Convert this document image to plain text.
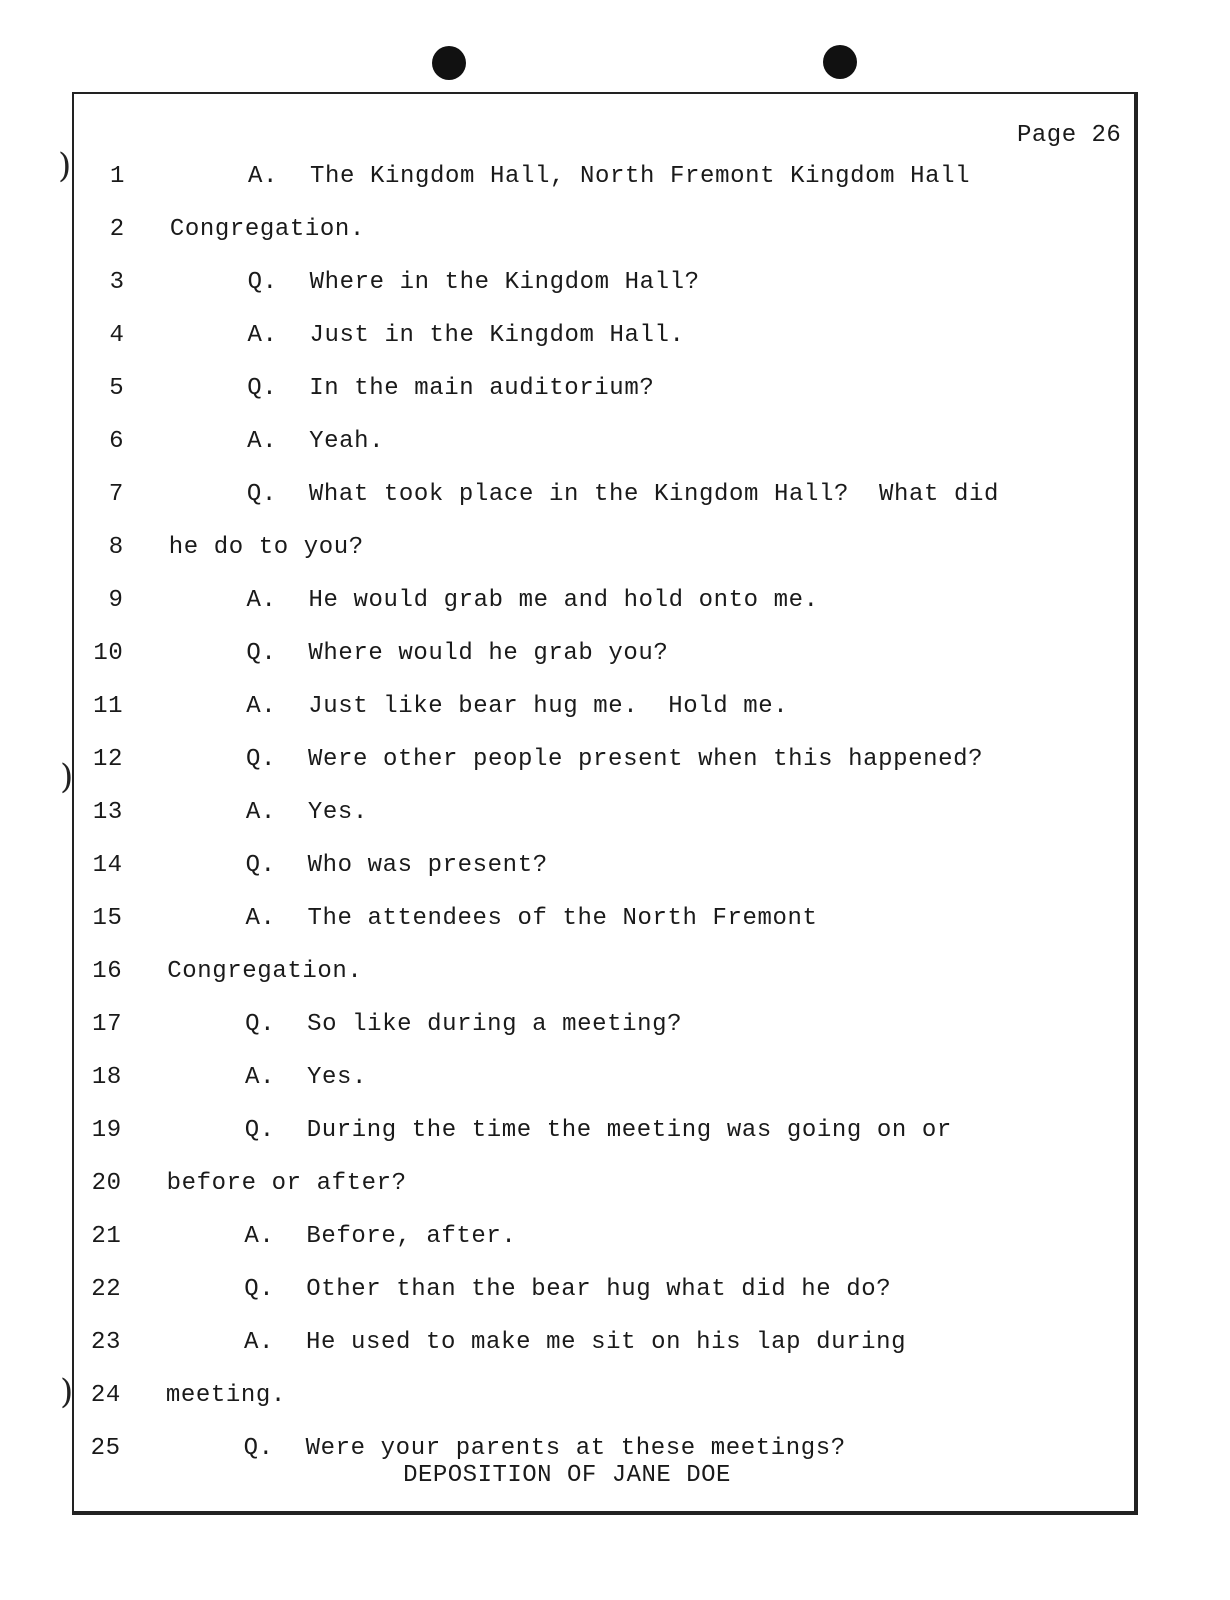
Page 26
)
)
)
1	A. The Kingdom Hall, North Fremont Kingdom Hall
2 Congregation.
3	Q. Where in the Kingdom Hall?
4	A. Just in the Kingdom Hall.
5	Q. In the main auditorium?
6	A. Yeah.
7	Q. What took place in the Kingdom Hall?  What did
8 he do to you?
9	A. He would grab me and hold onto me.
10	Q. Where would he grab you?
11	A. Just like bear hug me.  Hold me.
12	Q. Were other people present when this happened?
13	A. Yes.
14	Q. Who was present?
15	A. The attendees of the North Fremont
16 Congregation.
17	Q. So like during a meeting?
18	A. Yes.
19	Q. During the time the meeting was going on or
20 before or after?
21	A. Before, after.
22	Q. Other than the bear hug what did he do?
23	A. He used to make me sit on his lap during
24 meeting.
25	Q. Were your parents at these meetings?
DEPOSITION OF JANE DOE
